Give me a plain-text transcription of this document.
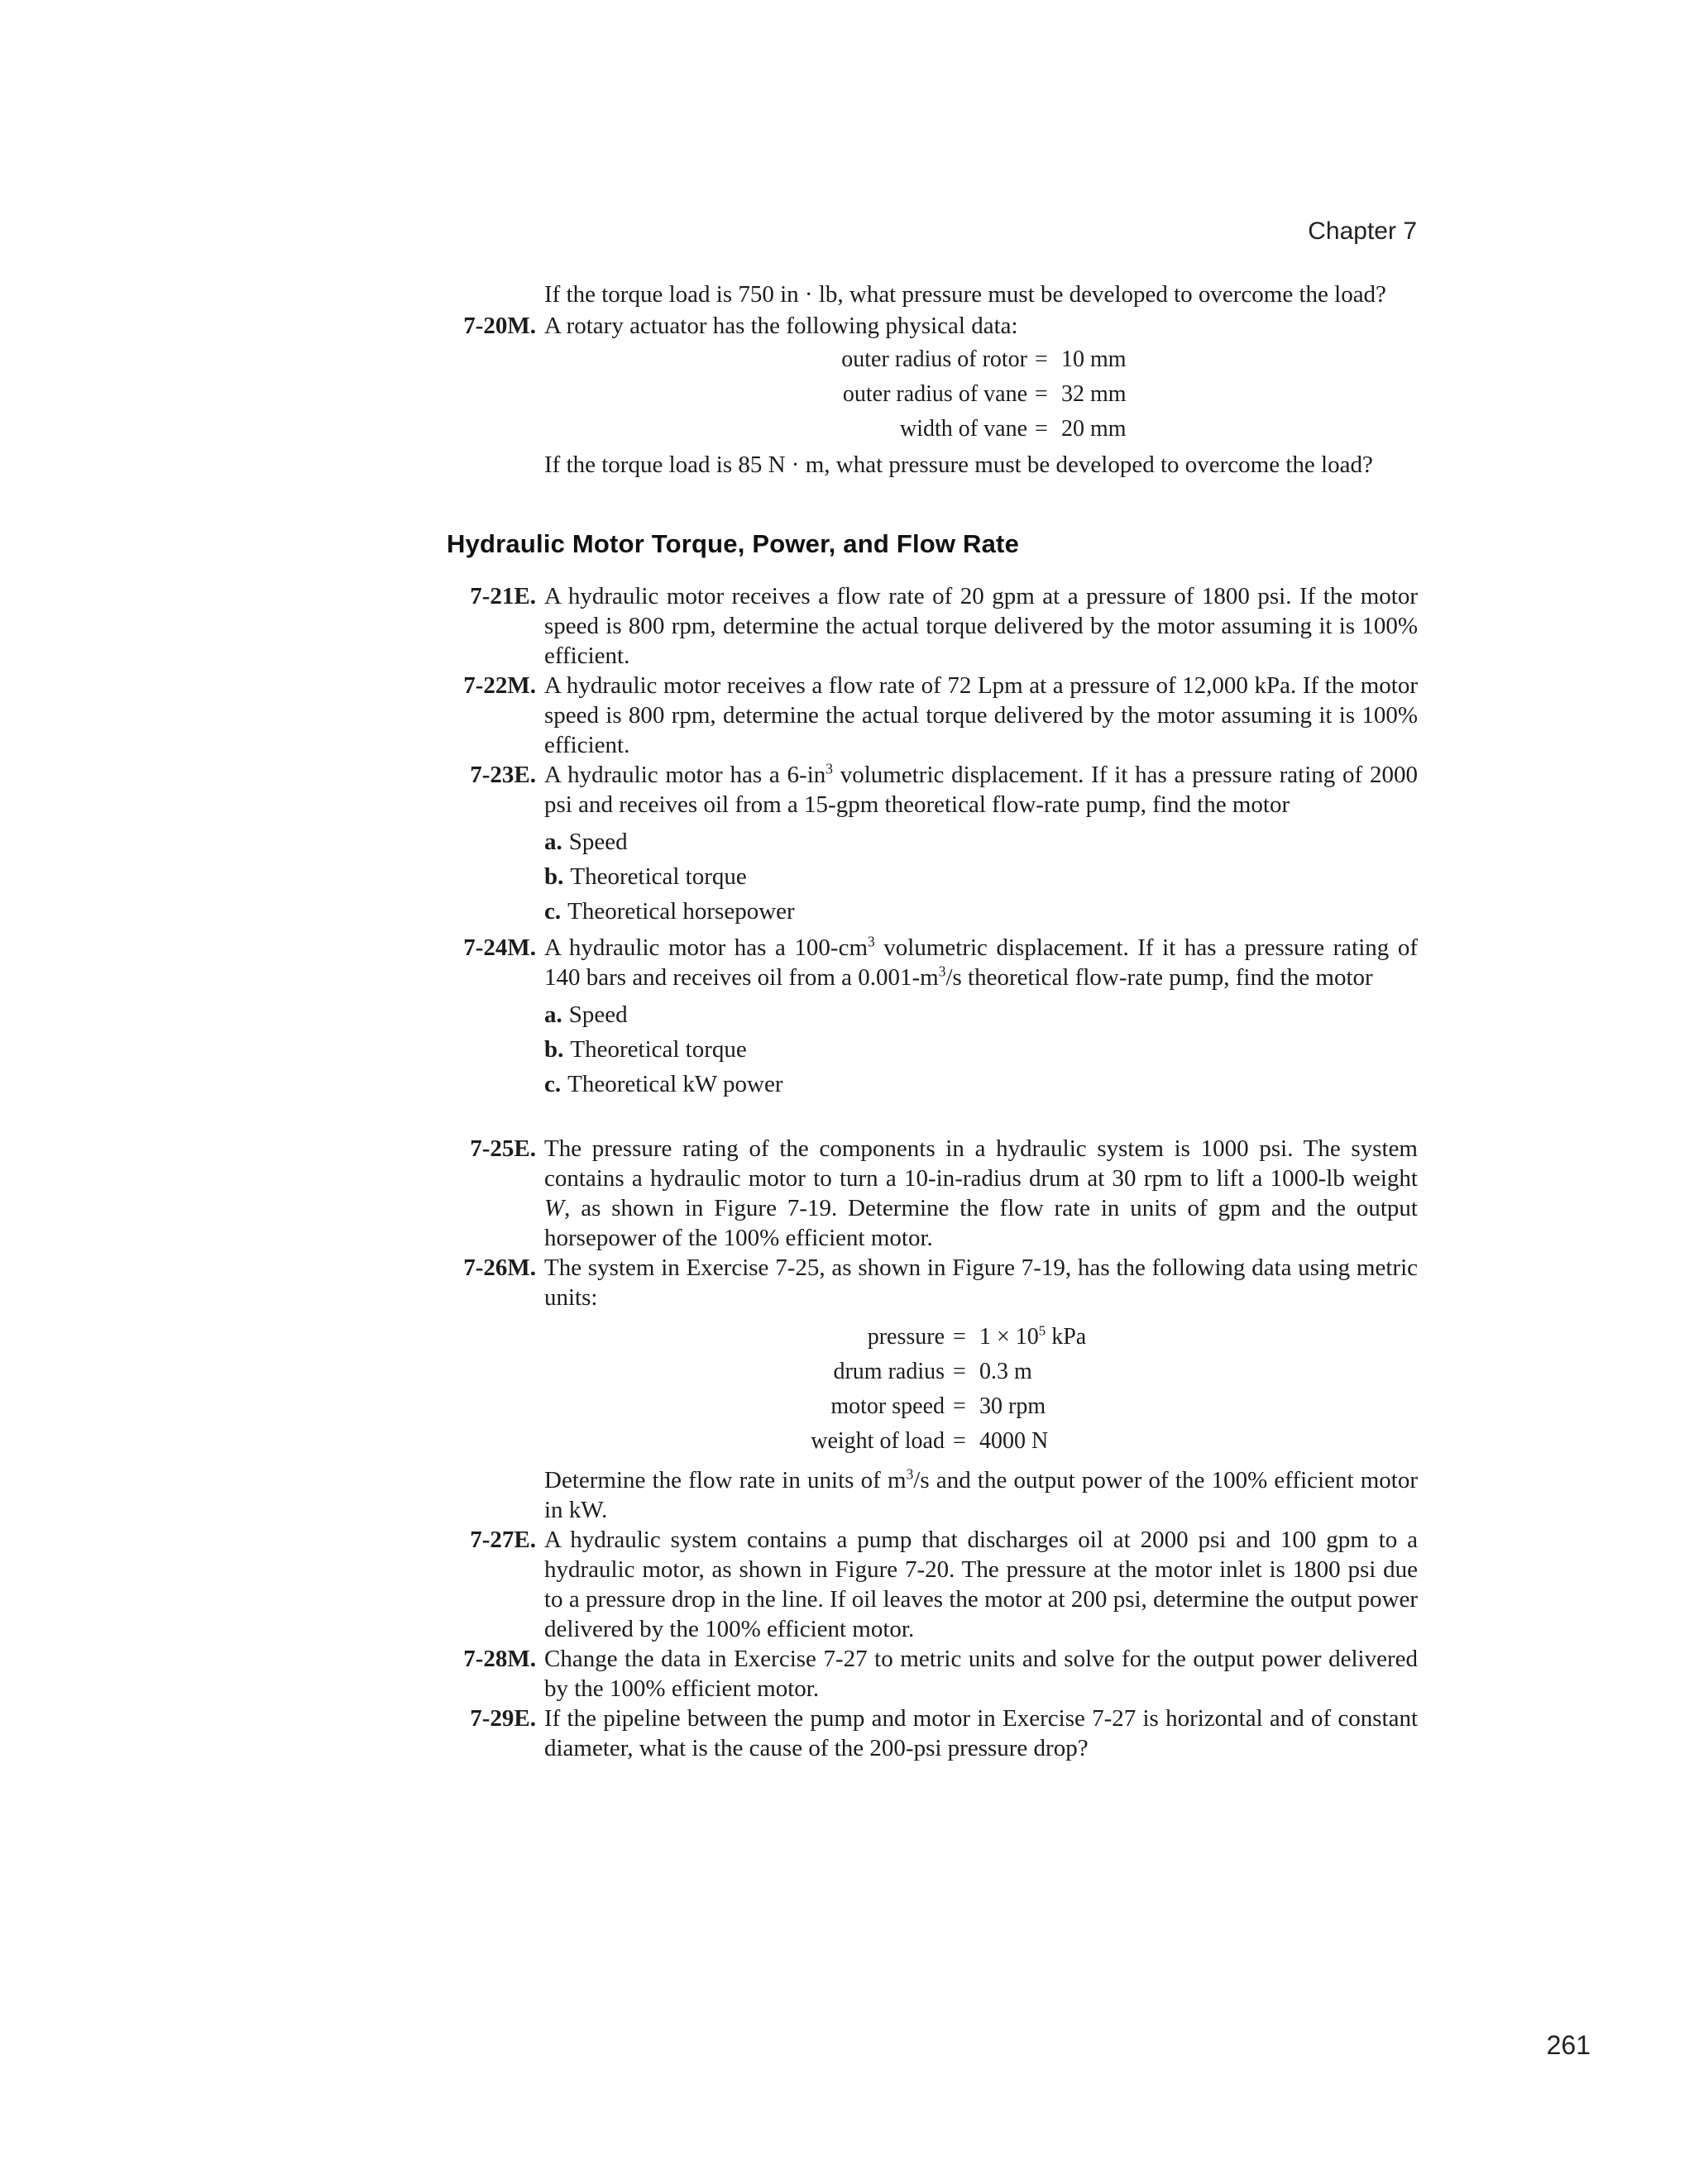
Chapter 7
If the torque load is 750 in · lb, what pressure must be developed to overcome the load?
7-20M. A rotary actuator has the following physical data:
outer radius of rotor = 10 mm
outer radius of vane = 32 mm
width of vane = 20 mm
If the torque load is 85 N · m, what pressure must be developed to overcome the load?
Hydraulic Motor Torque, Power, and Flow Rate
7-21E. A hydraulic motor receives a flow rate of 20 gpm at a pressure of 1800 psi. If the motor speed is 800 rpm, determine the actual torque delivered by the motor assuming it is 100% efficient.
7-22M. A hydraulic motor receives a flow rate of 72 Lpm at a pressure of 12,000 kPa. If the motor speed is 800 rpm, determine the actual torque delivered by the motor assuming it is 100% efficient.
7-23E. A hydraulic motor has a $6-in^3$ volumetric displacement. If it has a pressure rating of 2000 psi and receives oil from a 15-gpm theoretical flow-rate pump, find the motor
a. Speed
b. Theoretical torque
c. Theoretical horsepower
7-24M. A hydraulic motor has a $100-cm^3$ volumetric displacement. If it has a pressure rating of 140 bars and receives oil from a $0.001-m^3/s$ theoretical flow-rate pump, find the motor
a. Speed
b. Theoretical torque
c. Theoretical kW power
7-25E. The pressure rating of the components in a hydraulic system is 1000 psi. The system contains a hydraulic motor to turn a 10-in-radius drum at 30 rpm to lift a 1000-lb weight W, as shown in Figure 7-19. Determine the flow rate in units of gpm and the output horsepower of the 100% efficient motor.
7-26M. The system in Exercise 7-25, as shown in Figure 7-19, has the following data using metric units:
pressure = $1 \times 10^5$ kPa
drum radius = 0.3 m
motor speed = 30 rpm
weight of load = 4000 N
Determine the flow rate in units of $m^3/s$ and the output power of the 100% efficient motor in kW.
7-27E. A hydraulic system contains a pump that discharges oil at 2000 psi and 100 gpm to a hydraulic motor, as shown in Figure 7-20. The pressure at the motor inlet is 1800 psi due to a pressure drop in the line. If oil leaves the motor at 200 psi, determine the output power delivered by the 100% efficient motor.
7-28M. Change the data in Exercise 7-27 to metric units and solve for the output power delivered by the 100% efficient motor.
7-29E. If the pipeline between the pump and motor in Exercise 7-27 is horizontal and of constant diameter, what is the cause of the 200-psi pressure drop?
261
